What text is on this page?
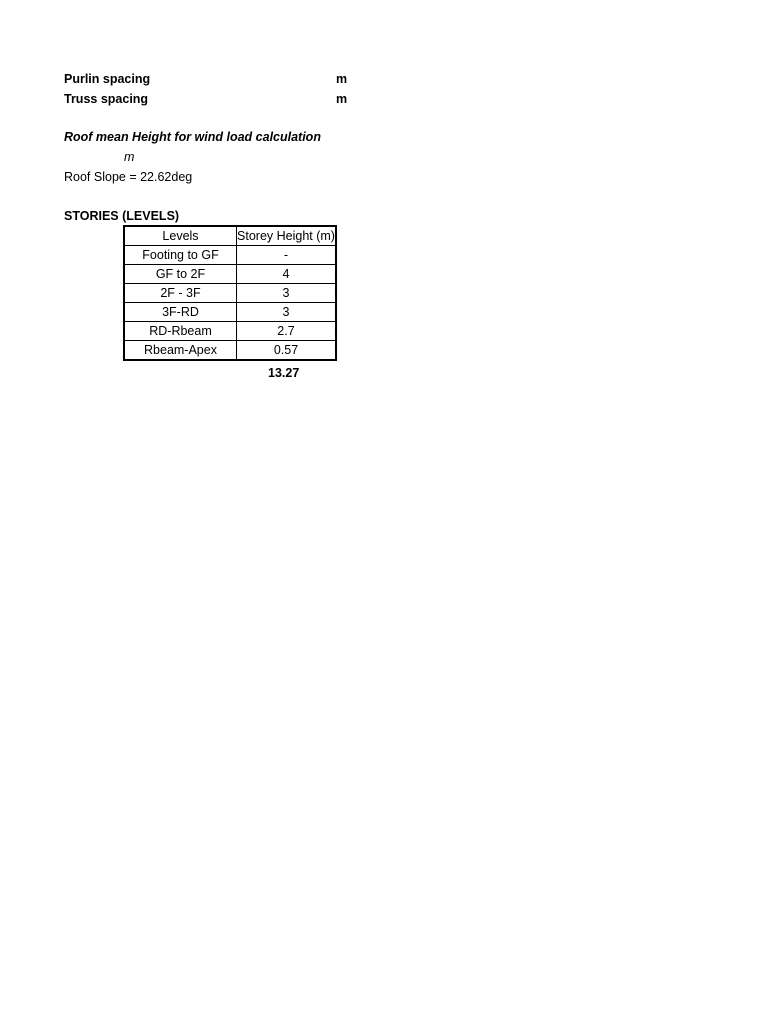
Purlin spacing	m
Truss spacing	m
Roof mean Height for wind load calculation
m
Roof Slope = 22.62deg
STORIES (LEVELS)
Levels	Storey Height (m)
Footing to GF	-
GF to 2F	4
2F - 3F	3
3F-RD	3
RD-Rbeam	2.7
Rbeam-Apex	0.57
13.27
